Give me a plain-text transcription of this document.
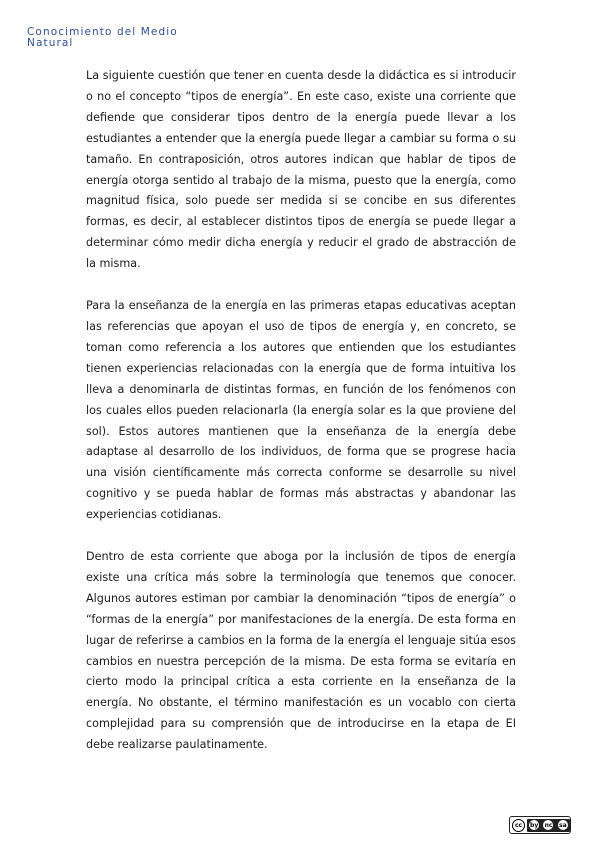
Conocimiento del Medio
Natural

La siguiente cuestión que tener en cuenta desde la didáctica es si introducir o no el concepto “tipos de energía”. En este caso, existe una corriente que defiende que considerar tipos dentro de la energía puede llevar a los estudiantes a entender que la energía puede llegar a cambiar su forma o su tamaño. En contraposición, otros autores indican que hablar de tipos de energía otorga sentido al trabajo de la misma, puesto que la energía, como magnitud física, solo puede ser medida si se concibe en sus diferentes formas, es decir, al establecer distintos tipos de energía se puede llegar a determinar cómo medir dicha energía y reducir el grado de abstracción de la misma.

Para la enseñanza de la energía en las primeras etapas educativas aceptan las referencias que apoyan el uso de tipos de energía y, en concreto, se toman como referencia a los autores que entienden que los estudiantes tienen experiencias relacionadas con la energía que de forma intuitiva los lleva a denominarla de distintas formas, en función de los fenómenos con los cuales ellos pueden relacionarla (la energía solar es la que proviene del sol). Estos autores mantienen que la enseñanza de la energía debe adaptase al desarrollo de los individuos, de forma que se progrese hacia una visión científicamente más correcta conforme se desarrolle su nivel cognitivo y se pueda hablar de formas más abstractas y abandonar las experiencias cotidianas.

Dentro de esta corriente que aboga por la inclusión de tipos de energía existe una crítica más sobre la terminología que tenemos que conocer. Algunos autores estiman por cambiar la denominación “tipos de energía” o “formas de la energía” por manifestaciones de la energía. De esta forma en lugar de referirse a cambios en la forma de la energía el lenguaje sitúa esos cambios en nuestra percepción de la misma. De esta forma se evitaría en cierto modo la principal crítica a esta corriente en la enseñanza de la energía. No obstante, el término manifestación es un vocablo con cierta complejidad para su comprensión que de introducirse en la etapa de EI debe realizarse paulatinamente.

cc	by nc sa
